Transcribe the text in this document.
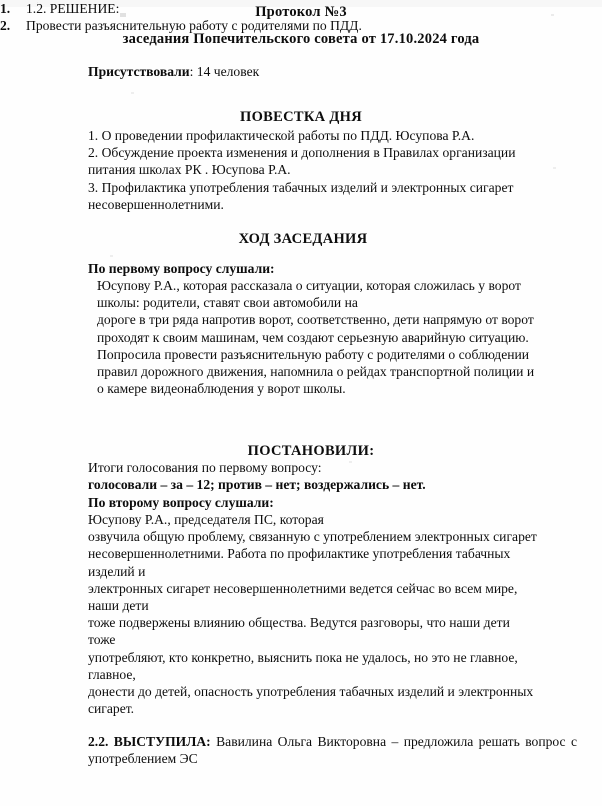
Протокол №3
заседания Попечительского совета от 17.10.2024 года
Присутствовали: 14 человек
ПОВЕСТКА ДНЯ
1. О проведении профилактической работы по ПДД. Юсупова Р.А.
2. Обсуждение проекта изменения и дополнения в Правилах организации
питания школах РК . Юсупова Р.А.
3. Профилактика употребления табачных изделий и электронных сигарет
несовершеннолетними.
ХОД ЗАСЕДАНИЯ
По первому вопросу слушали:
Юсупову Р.А., которая рассказала о ситуации, которая сложилась у ворот
школы: родители, ставят свои автомобили на
дороге в три ряда напротив ворот, соответственно, дети напрямую от ворот
проходят к своим машинам, чем создают серьезную аварийную ситуацию.
Попросила провести разъяснительную работу с родителями о соблюдении
правил дорожного движения, напомнила о рейдах транспортной полиции и
о камере видеонаблюдения у ворот школы.
1. 1.2. РЕШЕНИЕ:
2. Провести разъяснительную работу с родителями по ПДД.
ПОСТАНОВИЛИ:
Итоги голосования по первому вопросу:
голосовали – за – 12; против – нет; воздержались – нет.
По второму вопросу слушали:
Юсупову Р.А., председателя ПС, которая
озвучила общую проблему, связанную с употреблением электронных сигарет
несовершеннолетними. Работа по профилактике употребления табачных
изделий и
электронных сигарет несовершеннолетними ведется сейчас во всем мире,
наши дети
тоже подвержены влиянию общества. Ведутся разговоры, что наши дети
тоже
употребляют, кто конкретно, выяснить пока не удалось, но это не главное,
главное,
донести до детей, опасность употребления табачных изделий и электронных
сигарет.
2.2. ВЫСТУПИЛА: Вавилина Ольга Викторовна – предложила решать вопрос с употреблением ЭС
